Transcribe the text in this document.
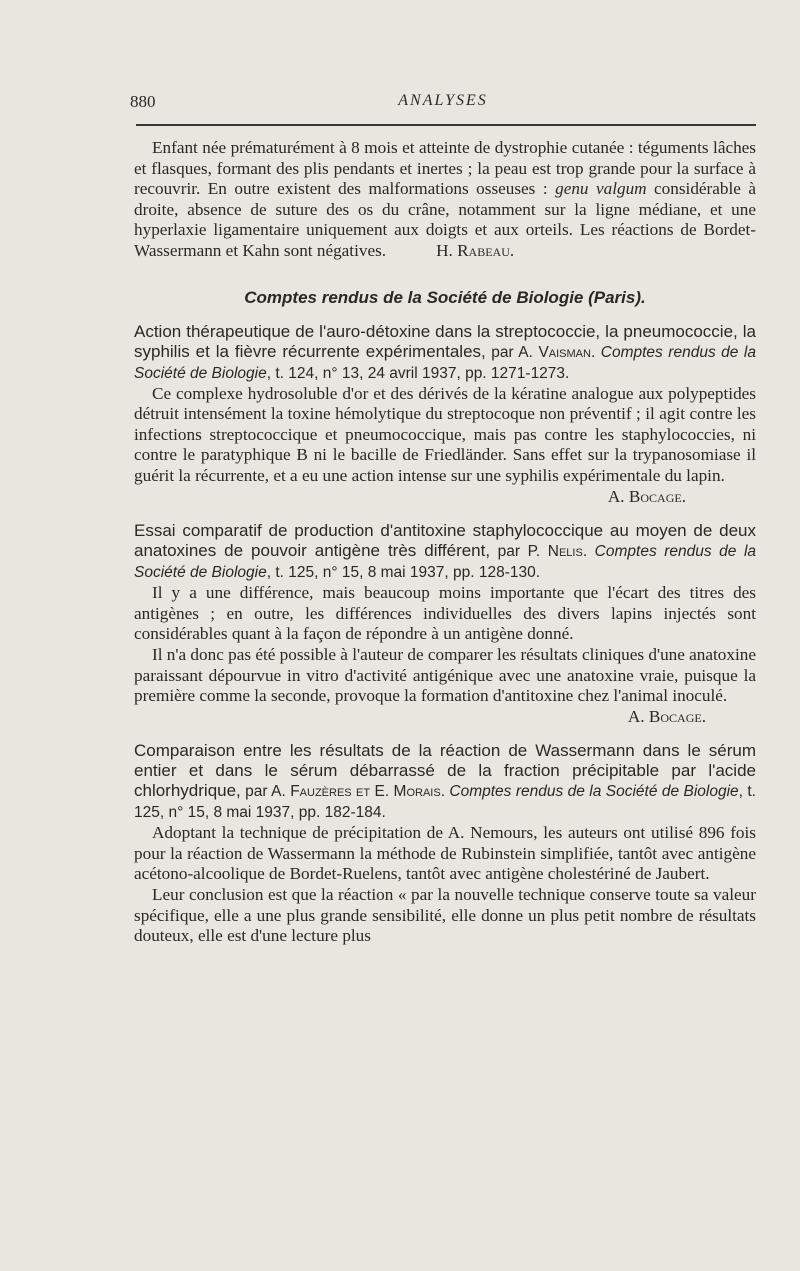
880	ANALYSES

Enfant née prématurément à 8 mois et atteinte de dystrophie cutanée : téguments lâches et flasques, formant des plis pendants et inertes ; la peau est trop grande pour la surface à recouvrir. En outre existent des malformations osseuses : genu valgum considérable à droite, absence de suture des os du crâne, notamment sur la ligne médiane, et une hyperlaxie ligamentaire uniquement aux doigts et aux orteils. Les réactions de Bordet-Wassermann et Kahn sont négatives.	H. Rabeau.

Comptes rendus de la Société de Biologie (Paris).
Action thérapeutique de l'auro-détoxine dans la streptococcie, la pneumococcie, la syphilis et la fièvre récurrente expérimentales, par A. Vaisman. Comptes rendus de la Société de Biologie, t. 124, n° 13, 24 avril 1937, pp. 1271-1273.

Ce complexe hydrosoluble d'or et des dérivés de la kératine analogue aux polypeptides détruit intensément la toxine hémolytique du streptocoque non préventif ; il agit contre les infections streptococcique et pneumococcique, mais pas contre les staphylococcies, ni contre le paratyphique B ni le bacille de Friedländer. Sans effet sur la trypanosomiase il guérit la récurrente, et a eu une action intense sur une syphilis expérimentale du lapin.

A. Bocage.

Essai comparatif de production d'antitoxine staphylococcique au moyen de deux anatoxines de pouvoir antigène très différent, par P. Nelis. Comptes rendus de la Société de Biologie, t. 125, n° 15, 8 mai 1937, pp. 128-130.

Il y a une différence, mais beaucoup moins importante que l'écart des titres des antigènes ; en outre, les différences individuelles des divers lapins injectés sont considérables quant à la façon de répondre à un antigène donné.

Il n'a donc pas été possible à l'auteur de comparer les résultats cliniques d'une anatoxine paraissant dépourvue in vitro d'activité antigénique avec une anatoxine vraie, puisque la première comme la seconde, provoque la formation d'antitoxine chez l'animal inoculé.

A. Bocage.

Comparaison entre les résultats de la réaction de Wassermann dans le sérum entier et dans le sérum débarrassé de la fraction précipitable par l'acide chlorhydrique, par A. Fauzères et E. Morais. Comptes rendus de la Société de Biologie, t. 125, n° 15, 8 mai 1937, pp. 182-184.

Adoptant la technique de précipitation de A. Nemours, les auteurs ont utilisé 896 fois pour la réaction de Wassermann la méthode de Rubinstein simplifiée, tantôt avec antigène acétono-alcoolique de Bordet-Ruelens, tantôt avec antigène cholestériné de Jaubert.

Leur conclusion est que la réaction « par la nouvelle technique conserve toute sa valeur spécifique, elle a une plus grande sensibilité, elle donne un plus petit nombre de résultats douteux, elle est d'une lecture plus
